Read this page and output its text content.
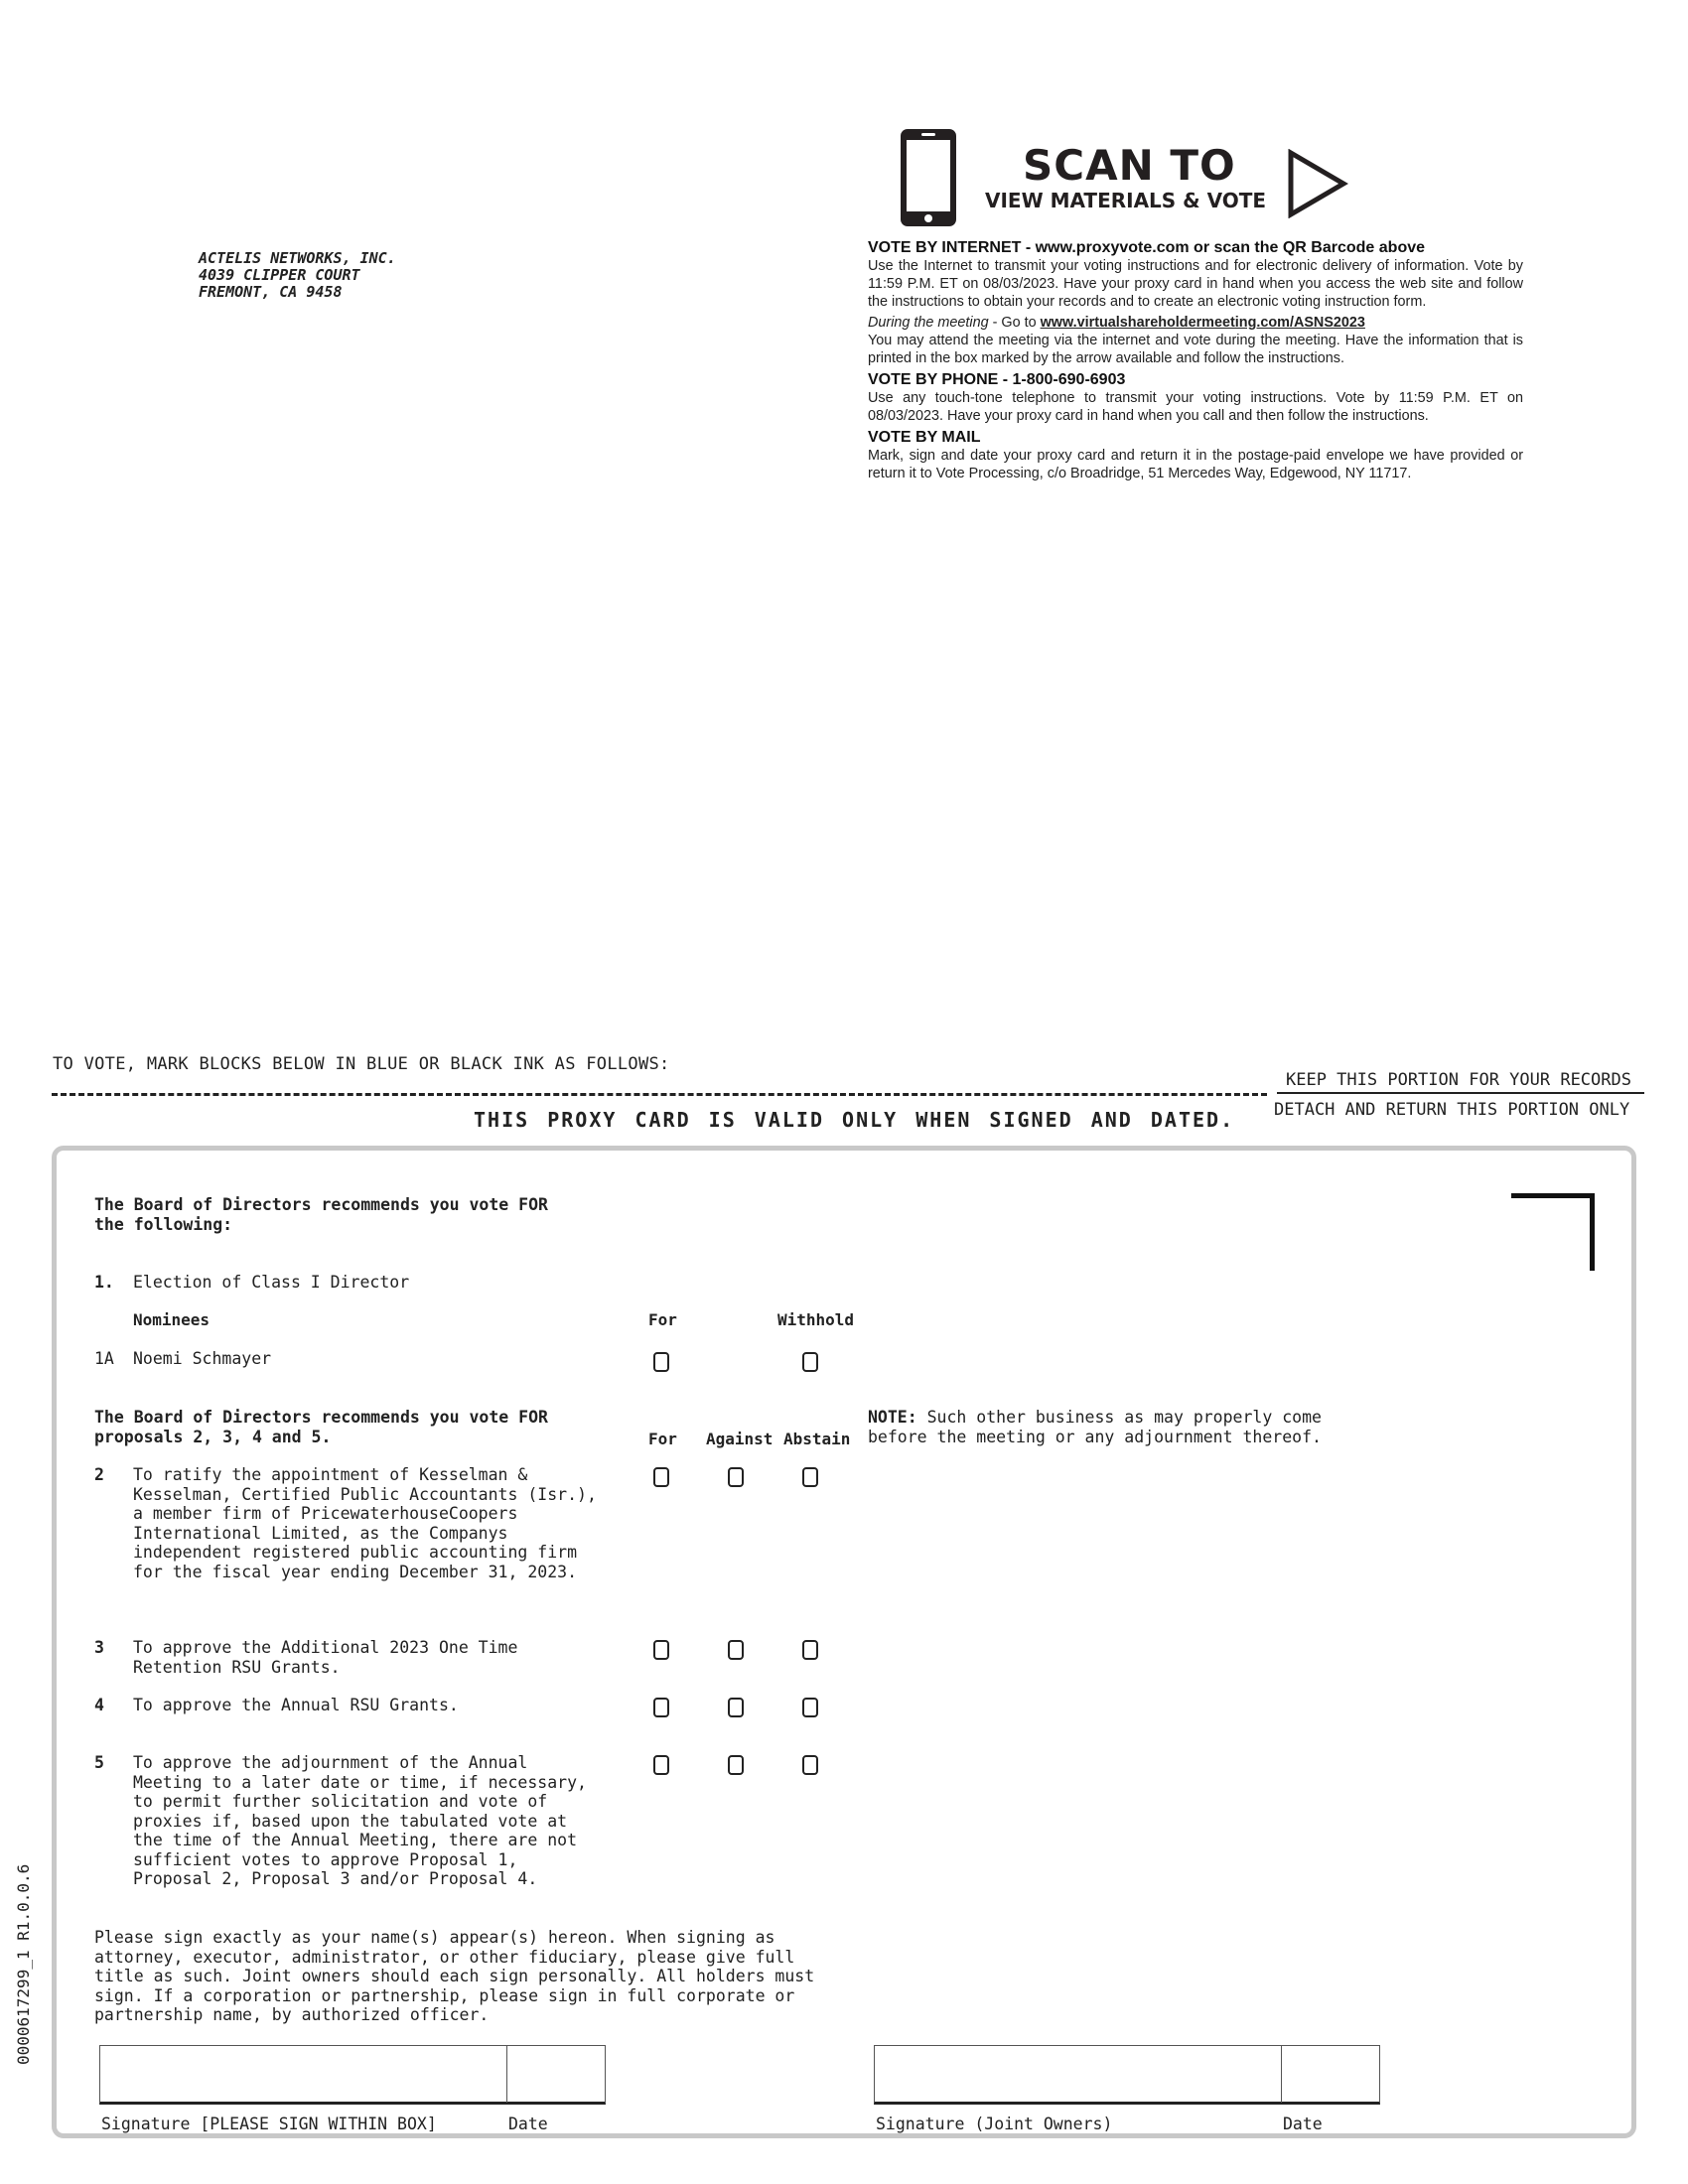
ACTELIS NETWORKS, INC.
4039 CLIPPER COURT
FREMONT, CA 9458
SCAN TO
VIEW MATERIALS & VOTE
VOTE BY INTERNET - www.proxyvote.com or scan the QR Barcode above

Use the Internet to transmit your voting instructions and for electronic delivery of information. Vote by 11:59 P.M. ET on 08/03/2023. Have your proxy card in hand when you access the web site and follow the instructions to obtain your records and to create an electronic voting instruction form.

During the meeting - Go to www.virtualshareholdermeeting.com/ASNS2023

You may attend the meeting via the internet and vote during the meeting. Have the information that is printed in the box marked by the arrow available and follow the instructions.

VOTE BY PHONE - 1-800-690-6903

Use any touch-tone telephone to transmit your voting instructions. Vote by 11:59 P.M. ET on 08/03/2023. Have your proxy card in hand when you call and then follow the instructions.

VOTE BY MAIL

Mark, sign and date your proxy card and return it in the postage-paid envelope we have provided or return it to Vote Processing, c/o Broadridge, 51 Mercedes Way, Edgewood, NY 11717.

TO VOTE, MARK BLOCKS BELOW IN BLUE OR BLACK INK AS FOLLOWS:
KEEP THIS PORTION FOR YOUR RECORDS
DETACH AND RETURN THIS PORTION ONLY
THIS PROXY CARD IS VALID ONLY WHEN SIGNED AND DATED.
The Board of Directors recommends you vote FOR
the following:
1. Election of Class I Director
Nominees	For	Withhold
1A Noemi Schmayer
The Board of Directors recommends you vote FOR
proposals 2, 3, 4 and 5.	For Against Abstain
NOTE: Such other business as may properly come
before the meeting or any adjournment thereof.
2 To ratify the appointment of Kesselman &
Kesselman, Certified Public Accountants (Isr.),
a member firm of PricewaterhouseCoopers
International Limited, as the Companys
independent registered public accounting firm
for the fiscal year ending December 31, 2023.
3 To approve the Additional 2023 One Time
Retention RSU Grants.
4 To approve the Annual RSU Grants.
5 To approve the adjournment of the Annual
Meeting to a later date or time, if necessary,
to permit further solicitation and vote of
proxies if, based upon the tabulated vote at
the time of the Annual Meeting, there are not
sufficient votes to approve Proposal 1,
Proposal 2, Proposal 3 and/or Proposal 4.
Please sign exactly as your name(s) appear(s) hereon. When signing as
attorney, executor, administrator, or other fiduciary, please give full
title as such. Joint owners should each sign personally. All holders must
sign. If a corporation or partnership, please sign in full corporate or
partnership name, by authorized officer.
Signature [PLEASE SIGN WITHIN BOX]	Date	Signature (Joint Owners)	Date
0000617299_1 R1.0.0.6
